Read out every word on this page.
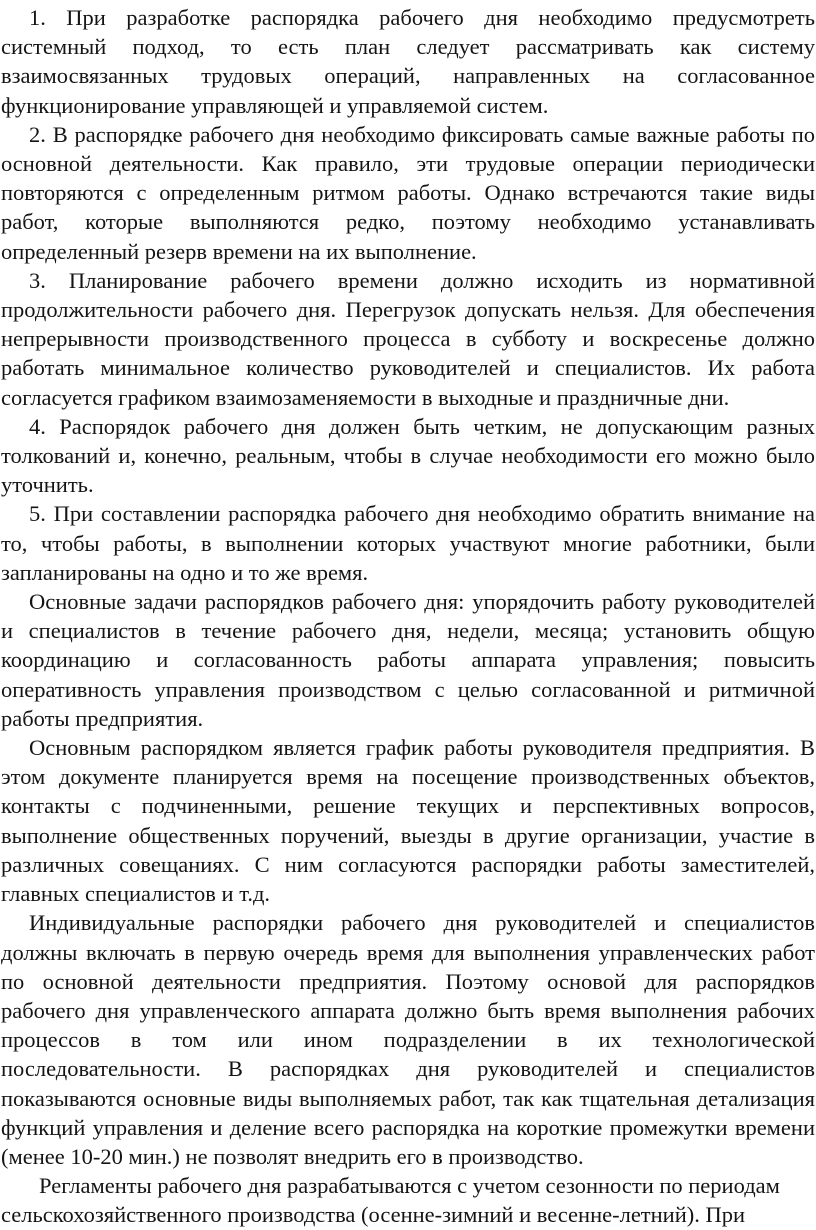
1. При разработке распорядка рабочего дня необходимо предусмотреть системный подход, то есть план следует рассматривать как систему взаимосвязанных трудовых операций, направленных на согласованное функционирование управляющей и управляемой систем.

2. В распорядке рабочего дня необходимо фиксировать самые важные работы по основной деятельности. Как правило, эти трудовые операции периодически повторяются с определенным ритмом работы. Однако встречаются такие виды работ, которые выполняются редко, поэтому необходимо устанавливать определенный резерв времени на их выполнение.

3. Планирование рабочего времени должно исходить из нормативной продолжительности рабочего дня. Перегрузок допускать нельзя. Для обеспечения непрерывности производственного процесса в субботу и воскресенье должно работать минимальное количество руководителей и специалистов. Их работа согласуется графиком взаимозаменяемости в выходные и праздничные дни.

4. Распорядок рабочего дня должен быть четким, не допускающим разных толкований и, конечно, реальным, чтобы в случае необходимости его можно было уточнить.

5. При составлении распорядка рабочего дня необходимо обратить внимание на то, чтобы работы, в выполнении которых участвуют многие работники, были запланированы на одно и то же время.

Основные задачи распорядков рабочего дня: упорядочить работу руководителей и специалистов в течение рабочего дня, недели, месяца; установить общую координацию и согласованность работы аппарата управления; повысить оперативность управления производством с целью согласованной и ритмичной работы предприятия.

Основным распорядком является график работы руководителя предприятия. В этом документе планируется время на посещение производственных объектов, контакты с подчиненными, решение текущих и перспективных вопросов, выполнение общественных поручений, выезды в другие организации, участие в различных совещаниях. С ним согласуются распорядки работы заместителей, главных специалистов и т.д.

Индивидуальные распорядки рабочего дня руководителей и специалистов должны включать в первую очередь время для выполнения управленческих работ по основной деятельности предприятия. Поэтому основой для распорядков рабочего дня управленческого аппарата должно быть время выполнения рабочих процессов в том или ином подразделении в их технологической последовательности. В распорядках дня руководителей и специалистов показываются основные виды выполняемых работ, так как тщательная детализация функций управления и деление всего распорядка на короткие промежутки времени (менее 10-20 мин.) не позволят внедрить его в производство.

Регламенты рабочего дня разрабатываются с учетом сезонности по периодам сельскохозяйственного производства (осенне-зимний и весенне-летний). При
